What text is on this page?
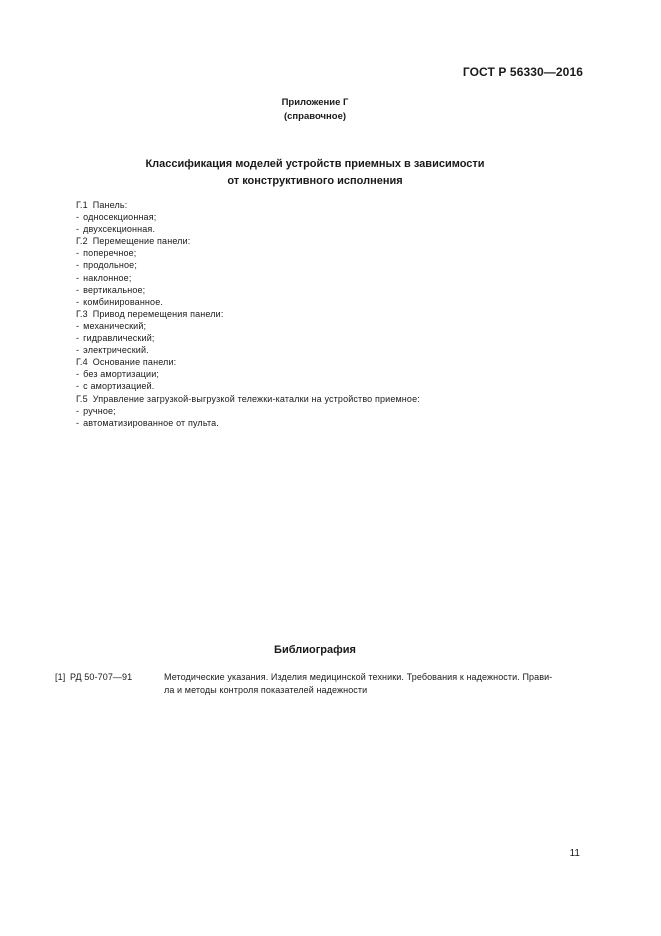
ГОСТ Р 56330—2016
Приложение Г
(справочное)
Классификация моделей устройств приемных в зависимости
от конструктивного исполнения
Г.1 Панель:
- односекционная;
- двухсекционная.
Г.2 Перемещение панели:
- поперечное;
- продольное;
- наклонное;
- вертикальное;
- комбинированное.
Г.3 Привод перемещения панели:
- механический;
- гидравлический;
- электрический.
Г.4 Основание панели:
- без амортизации;
- с амортизацией.
Г.5 Управление загрузкой-выгрузкой тележки-каталки на устройство приемное:
- ручное;
- автоматизированное от пульта.
Библиография
[1] РД 50-707—91	Методические указания. Изделия медицинской техники. Требования к надежности. Прави-
ла и методы контроля показателей надежности
11
